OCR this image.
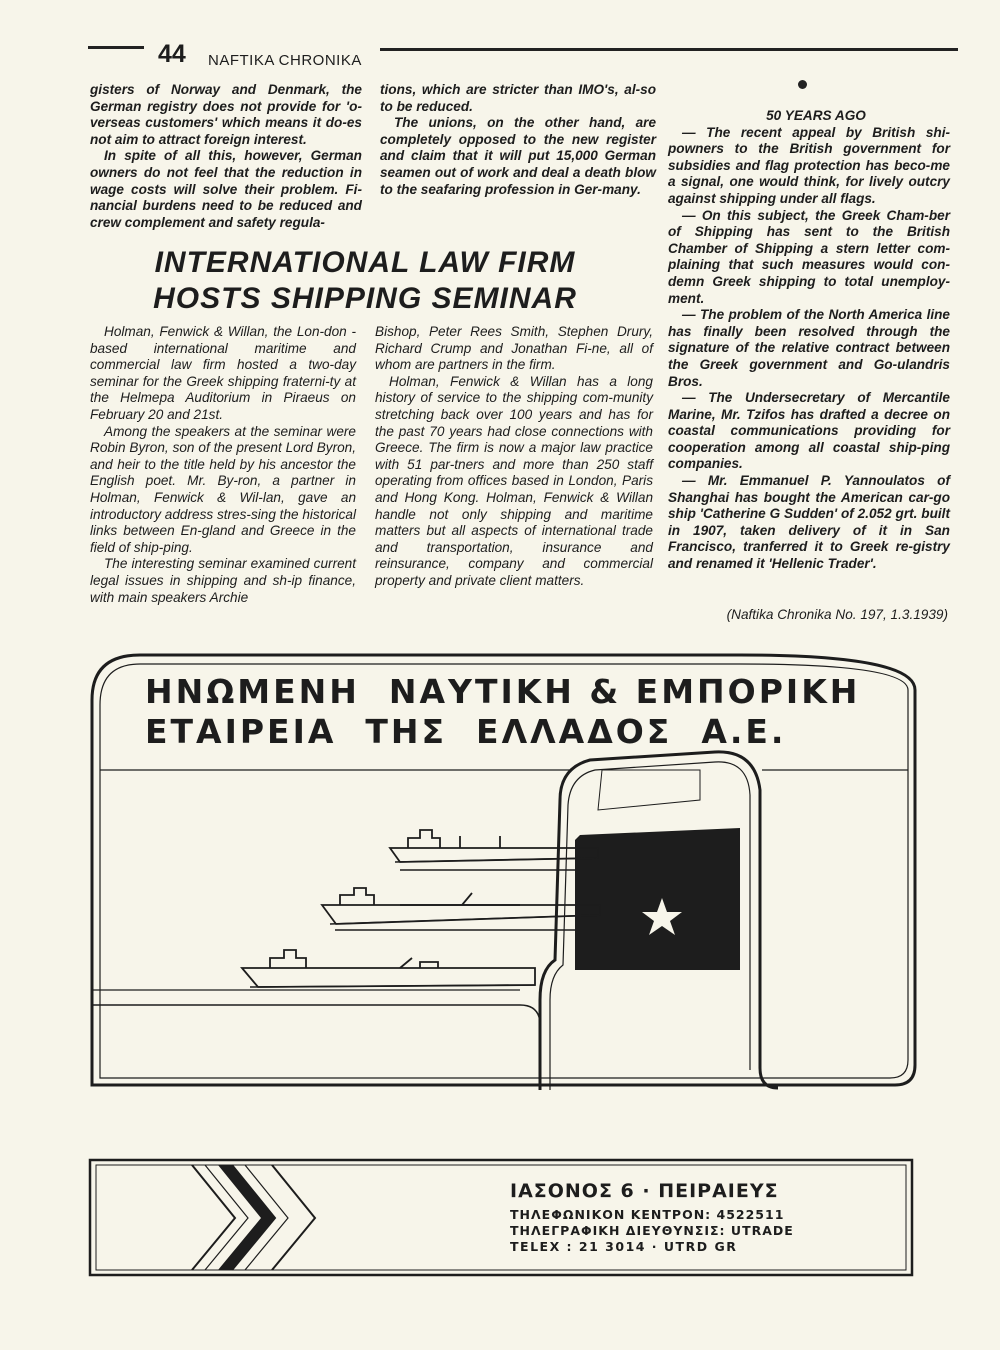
44 NAFTIKA CHRONIKA

gisters of Norway and Denmark, the German registry does not provide for 'o-verseas customers' which means it do-es not aim to attract foreign interest.

In spite of all this, however, German owners do not feel that the reduction in wage costs will solve their problem. Fi-nancial burdens need to be reduced and crew complement and safety regula-

tions, which are stricter than IMO's, al-so to be reduced.

The unions, on the other hand, are completely opposed to the new register and claim that it will put 15,000 German seamen out of work and deal a death blow to the seafaring profession in Ger-many.

INTERNATIONAL LAW FIRM
HOSTS SHIPPING SEMINAR

Holman, Fenwick & Willan, the Lon-don - based international maritime and commercial law firm hosted a two-day seminar for the Greek shipping fraterni-ty at the Helmepa Auditorium in Piraeus on February 20 and 21st.

Among the speakers at the seminar were Robin Byron, son of the present Lord Byron, and heir to the title held by his ancestor the English poet. Mr. By-ron, a partner in Holman, Fenwick & Wil-lan, gave an introductory address stres-sing the historical links between En-gland and Greece in the field of ship-ping.

The interesting seminar examined current legal issues in shipping and sh-ip finance, with main speakers Archie

Bishop, Peter Rees Smith, Stephen Drury, Richard Crump and Jonathan Fi-ne, all of whom are partners in the firm.

Holman, Fenwick & Willan has a long history of service to the shipping com-munity stretching back over 100 years and has for the past 70 years had close connections with Greece. The firm is now a major law practice with 51 par-tners and more than 250 staff operating from offices based in London, Paris and Hong Kong. Holman, Fenwick & Willan handle not only shipping and maritime matters but all aspects of international trade and transportation, insurance and reinsurance, company and commercial property and private client matters.

50 YEARS AGO

— The recent appeal by British shi-powners to the British government for subsidies and flag protection has beco-me a signal, one would think, for lively outcry against shipping under all flags.

— On this subject, the Greek Cham-ber of Shipping has sent to the British Chamber of Shipping a stern letter com-plaining that such measures would con-demn Greek shipping to total unemploy-ment.

— The problem of the North America line has finally been resolved through the signature of the relative contract between the Greek government and Go-ulandris Bros.

— The Undersecretary of Mercantile Marine, Mr. Tzifos has drafted a decree on coastal communications providing for cooperation among all coastal ship-ping companies.

— Mr. Emmanuel P. Yannoulatos of Shanghai has bought the American car-go ship 'Catherine G Sudden' of 2.052 grt. built in 1907, taken delivery of it in San Francisco, tranferred it to Greek re-gistry and renamed it 'Hellenic Trader'.

(Naftika Chronika No. 197, 1.3.1939)
ΗΝΩΜΕΝΗ  ΝΑΥΤΙΚΗ & ΕΜΠΟΡΙΚΗ
ΕΤΑΙΡΕΙΑ  ΤΗΣ  ΕΛΛΑΔΟΣ  Α.Ε.
ΙΑΣΟΝΟΣ 6 · ΠΕΙΡΑΙΕΥΣ
ΤΗΛΕΦΩΝΙΚΟΝ ΚΕΝΤΡΟΝ: 4522511
ΤΗΛΕΓΡΑΦΙΚΗ ΔΙΕΥΘΥΝΣΙΣ: UTRADE
TELEX : 21 3014 · UTRD GR
